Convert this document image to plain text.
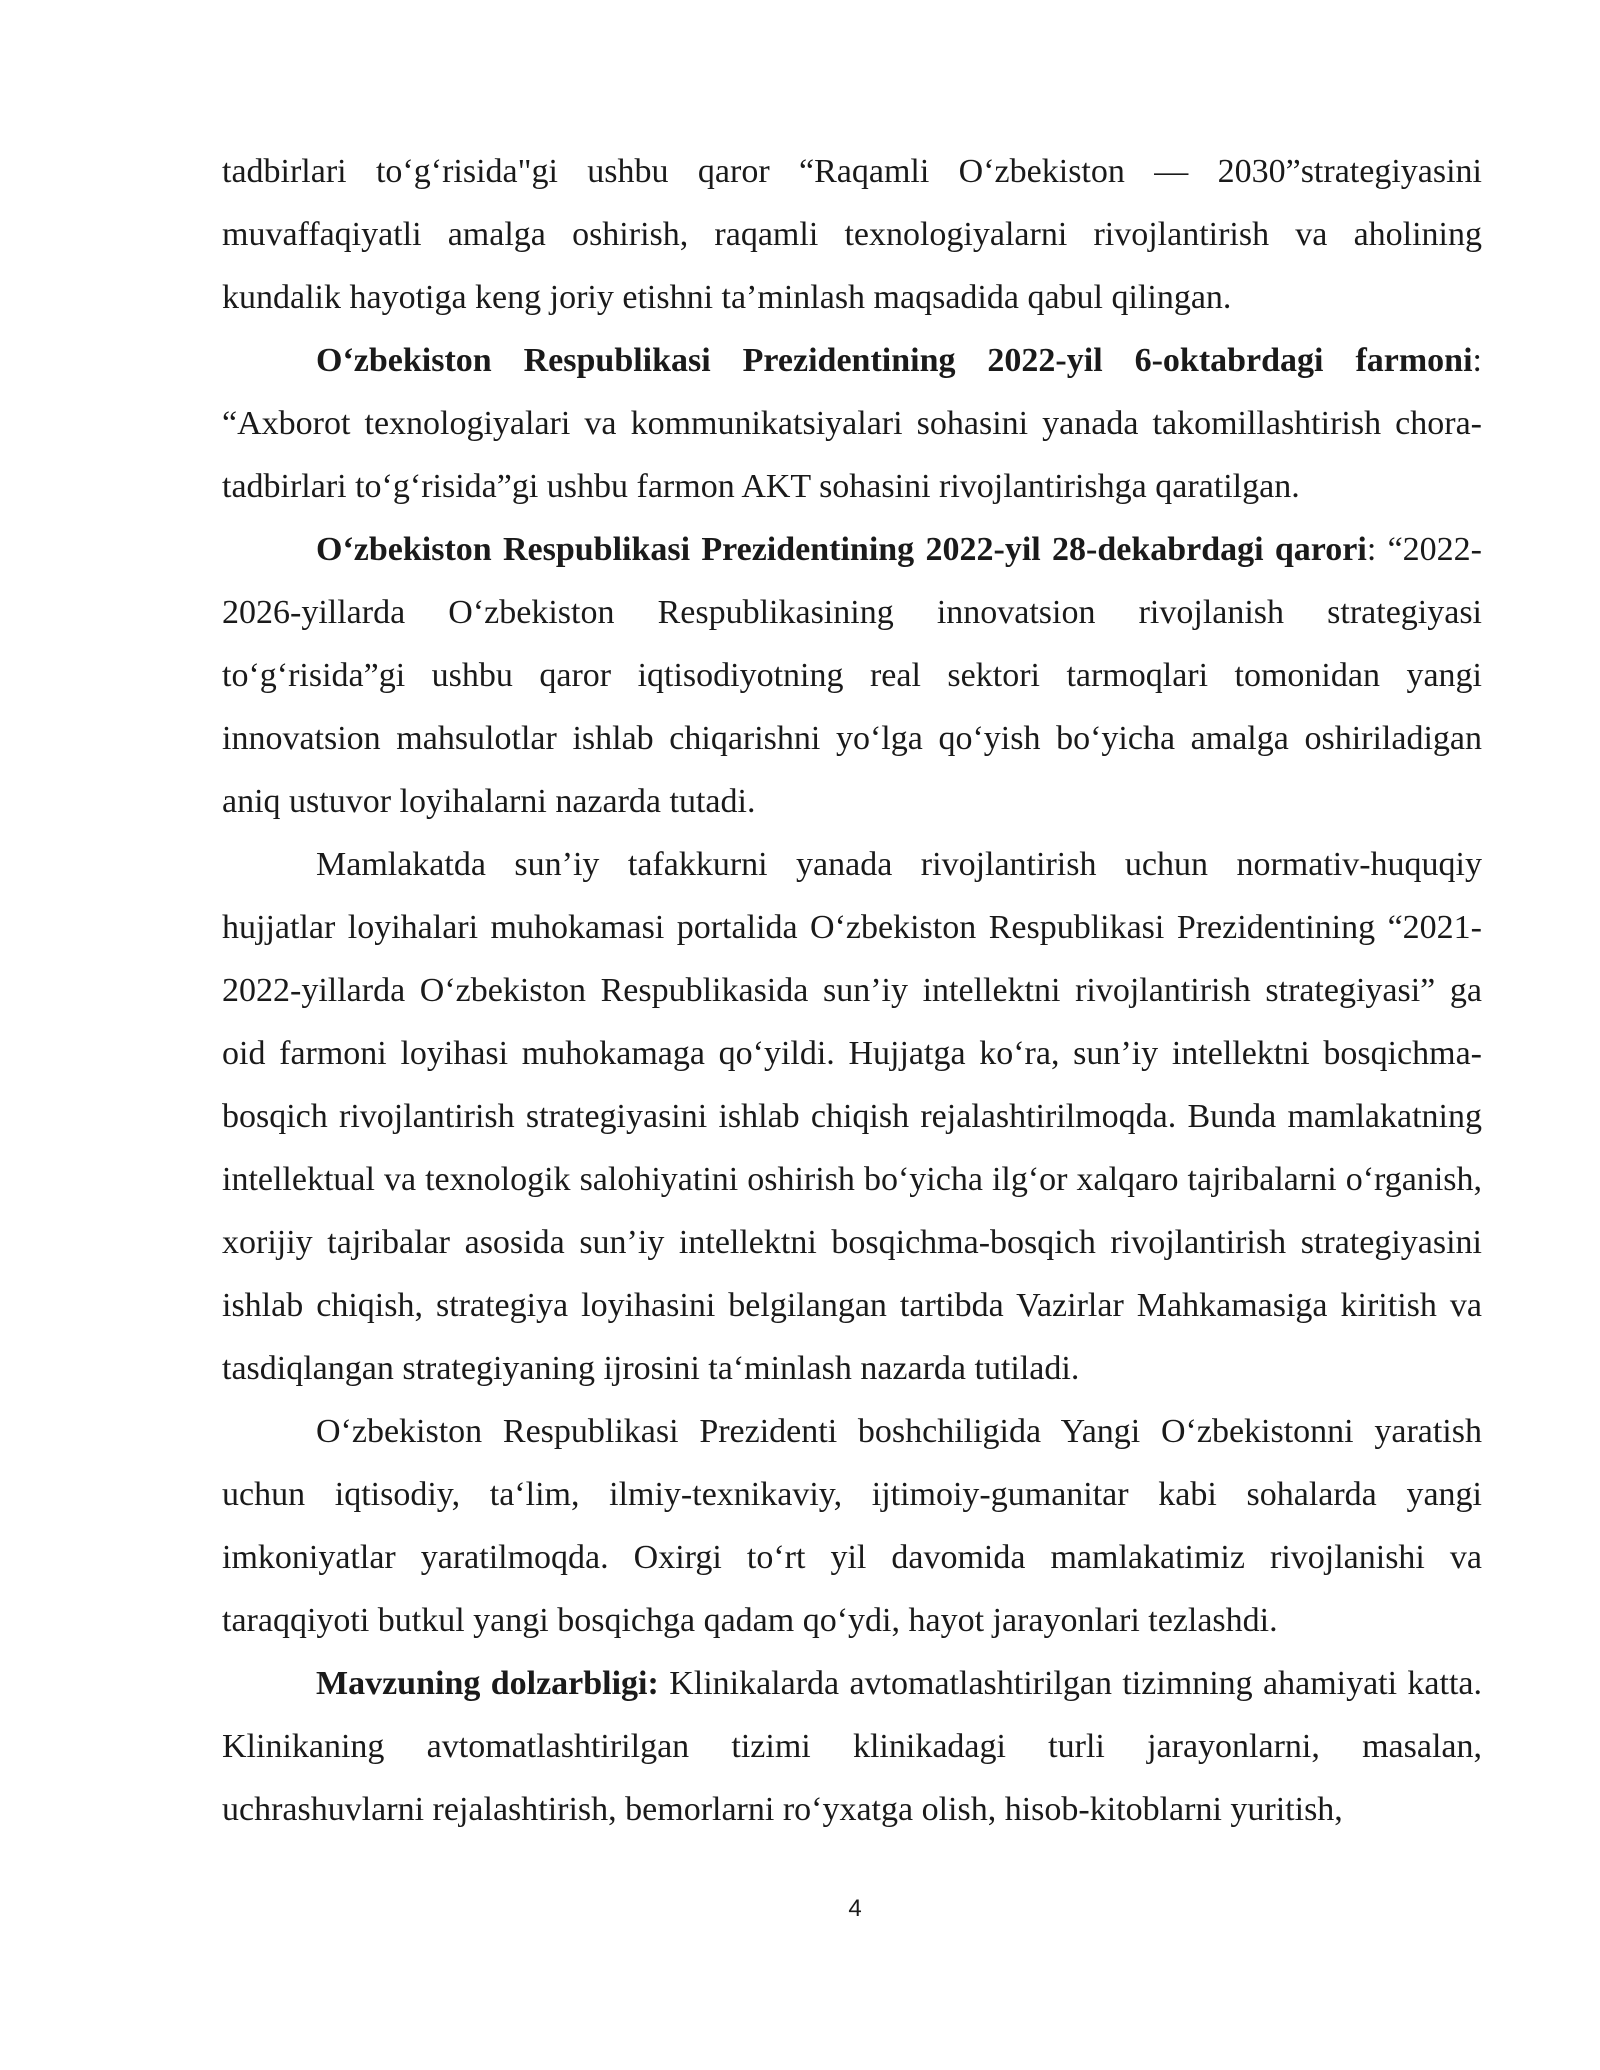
tadbirlari to‘g‘risida"gi ushbu qaror “Raqamli O‘zbekiston — 2030”strategiyasini muvaffaqiyatli amalga oshirish, raqamli texnologiyalarni rivojlantirish va aholining kundalik hayotiga keng joriy etishni ta’minlash maqsadida qabul qilingan.

O‘zbekiston Respublikasi Prezidentining 2022-yil 6-oktabrdagi farmoni: “Axborot texnologiyalari va kommunikatsiyalari sohasini yanada takomillashtirish chora-tadbirlari to‘g‘risida”gi ushbu farmon AKT sohasini rivojlantirishga qaratilgan.

O‘zbekiston Respublikasi Prezidentining 2022-yil 28-dekabrdagi qarori: “2022-2026-yillarda O‘zbekiston Respublikasining innovatsion rivojlanish strategiyasi to‘g‘risida”gi ushbu qaror iqtisodiyotning real sektori tarmoqlari tomonidan yangi innovatsion mahsulotlar ishlab chiqarishni yo‘lga qo‘yish bo‘yicha amalga oshiriladigan aniq ustuvor loyihalarni nazarda tutadi.

Mamlakatda sun’iy tafakkurni yanada rivojlantirish uchun normativ-huquqiy hujjatlar loyihalari muhokamasi portalida O‘zbekiston Respublikasi Prezidentining “2021-2022-yillarda O‘zbekiston Respublikasida sun’iy intellektni rivojlantirish strategiyasi” ga oid farmoni loyihasi muhokamaga qo‘yildi. Hujjatga ko‘ra, sun’iy intellektni bosqichma-bosqich rivojlantirish strategiyasini ishlab chiqish rejalashtirilmoqda. Bunda mamlakatning intellektual va texnologik salohiyatini oshirish bo‘yicha ilg‘or xalqaro tajribalarni o‘rganish, xorijiy tajribalar asosida sun’iy intellektni bosqichma-bosqich rivojlantirish strategiyasini ishlab chiqish, strategiya loyihasini belgilangan tartibda Vazirlar Mahkamasiga kiritish va tasdiqlangan strategiyaning ijrosini ta‘minlash nazarda tutiladi.

O‘zbekiston Respublikasi Prezidenti boshchiligida Yangi O‘zbekistonni yaratish uchun iqtisodiy, ta‘lim, ilmiy-texnikaviy, ijtimoiy-gumanitar kabi sohalarda yangi imkoniyatlar yaratilmoqda. Oxirgi to‘rt yil davomida mamlakatimiz rivojlanishi va taraqqiyoti butkul yangi bosqichga qadam qo‘ydi, hayot jarayonlari tezlashdi.

Mavzuning dolzarbligi: Klinikalarda avtomatlashtirilgan tizimning ahamiyati katta. Klinikaning avtomatlashtirilgan tizimi klinikadagi turli jarayonlarni, masalan, uchrashuvlarni rejalashtirish, bemorlarni ro‘yxatga olish, hisob-kitoblarni yuritish,

4
